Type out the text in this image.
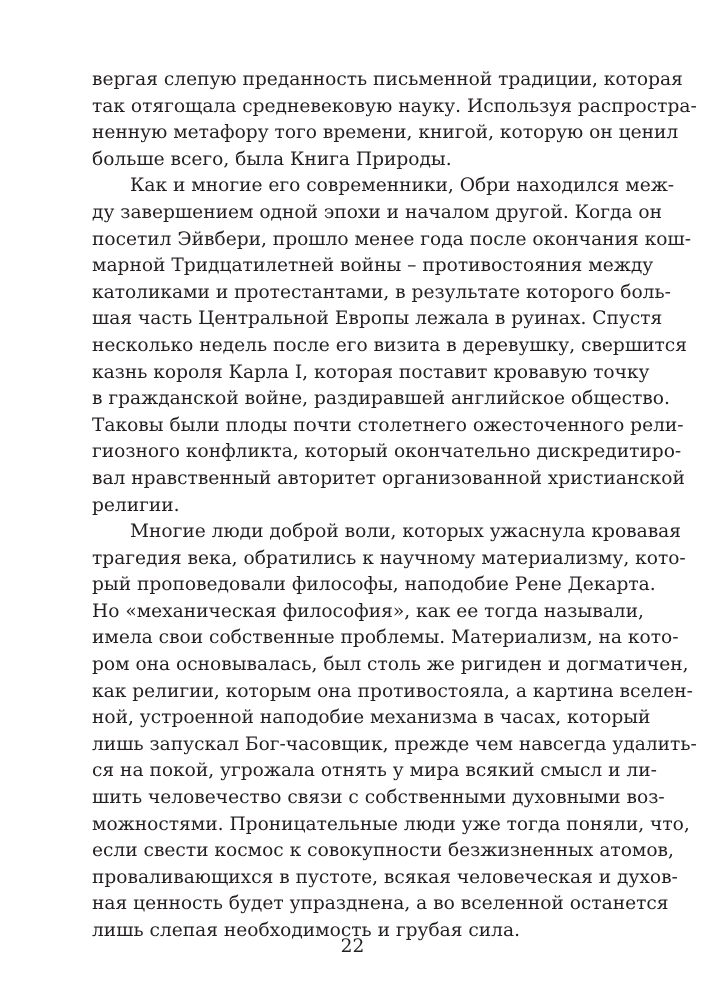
вергая слепую преданность письменной традиции, которая
так отягощала средневековую науку. Используя распростра-
ненную метафору того времени, книгой, которую он ценил
больше всего, была Книга Природы.
Как и многие его современники, Обри находился меж-
ду завершением одной эпохи и началом другой. Когда он
посетил Эйвбери, прошло менее года после окончания кош-
марной Тридцатилетней войны – противостояния между
католиками и протестантами, в результате которого боль-
шая часть Центральной Европы лежала в руинах. Спустя
несколько недель после его визита в деревушку, свершится
казнь короля Карла I, которая поставит кровавую точку
в гражданской войне, раздиравшей английское общество.
Таковы были плоды почти столетнего ожесточенного рели-
гиозного конфликта, который окончательно дискредитиро-
вал нравственный авторитет организованной христианской
религии.
Многие люди доброй воли, которых ужаснула кровавая
трагедия века, обратились к научному материализму, кото-
рый проповедовали философы, наподобие Рене Декарта.
Но «механическая философия», как ее тогда называли,
имела свои собственные проблемы. Материализм, на кото-
ром она основывалась, был столь же ригиден и догматичен,
как религии, которым она противостояла, а картина вселен-
ной, устроенной наподобие механизма в часах, который
лишь запускал Бог-часовщик, прежде чем навсегда удалить-
ся на покой, угрожала отнять у мира всякий смысл и ли-
шить человечество связи с собственными духовными воз-
можностями. Проницательные люди уже тогда поняли, что,
если свести космос к совокупности безжизненных атомов,
проваливающихся в пустоте, всякая человеческая и духов-
ная ценность будет упразднена, а во вселенной останется
лишь слепая необходимость и грубая сила.
22
